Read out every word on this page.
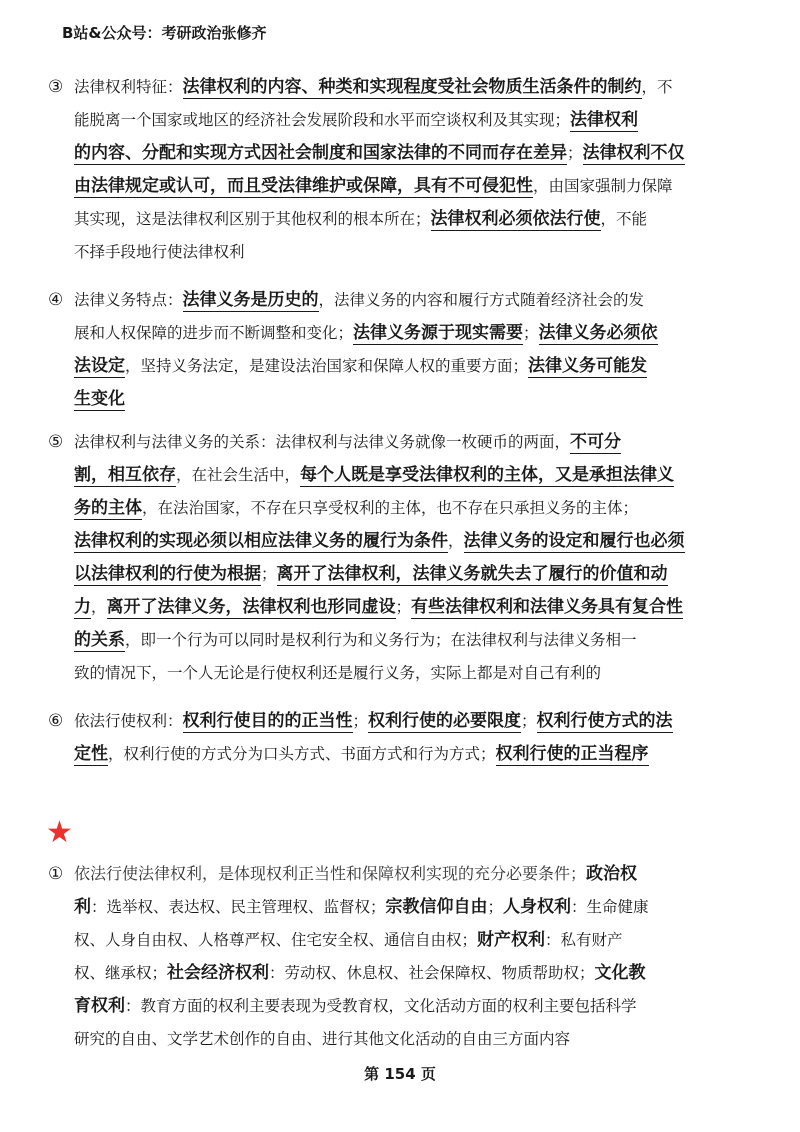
B站&公众号：考研政治张修齐
③ 法律权利特征：法律权利的内容、种类和实现程度受社会物质生活条件的制约，不
能脱离一个国家或地区的经济社会发展阶段和水平而空谈权利及其实现；法律权利
的内容、分配和实现方式因社会制度和国家法律的不同而存在差异；法律权利不仅
由法律规定或认可，而且受法律维护或保障，具有不可侵犯性，由国家强制力保障
其实现，这是法律权利区别于其他权利的根本所在；法律权利必须依法行使，不能
不择手段地行使法律权利
④ 法律义务特点：法律义务是历史的，法律义务的内容和履行方式随着经济社会的发
展和人权保障的进步而不断调整和变化；法律义务源于现实需要；法律义务必须依
法设定，坚持义务法定，是建设法治国家和保障人权的重要方面；法律义务可能发
生变化
⑤ 法律权利与法律义务的关系：法律权利与法律义务就像一枚硬币的两面，不可分
割，相互依存，在社会生活中，每个人既是享受法律权利的主体，又是承担法律义
务的主体，在法治国家，不存在只享受权利的主体，也不存在只承担义务的主体；
法律权利的实现必须以相应法律义务的履行为条件，法律义务的设定和履行也必须
以法律权利的行使为根据；离开了法律权利，法律义务就失去了履行的价值和动
力，离开了法律义务，法律权利也形同虚设；有些法律权利和法律义务具有复合性
的关系，即一个行为可以同时是权利行为和义务行为；在法律权利与法律义务相一
致的情况下，一个人无论是行使权利还是履行义务，实际上都是对自己有利的
⑥ 依法行使权利：权利行使目的的正当性；权利行使的必要限度；权利行使方式的法
定性，权利行使的方式分为口头方式、书面方式和行为方式；权利行使的正当程序
★
① 依法行使法律权利，是体现权利正当性和保障权利实现的充分必要条件；政治权
利：选举权、表达权、民主管理权、监督权；宗教信仰自由；人身权利：生命健康
权、人身自由权、人格尊严权、住宅安全权、通信自由权；财产权利：私有财产
权、继承权；社会经济权利：劳动权、休息权、社会保障权、物质帮助权；文化教
育权利：教育方面的权利主要表现为受教育权，文化活动方面的权利主要包括科学
研究的自由、文学艺术创作的自由、进行其他文化活动的自由三方面内容
第 154 页
